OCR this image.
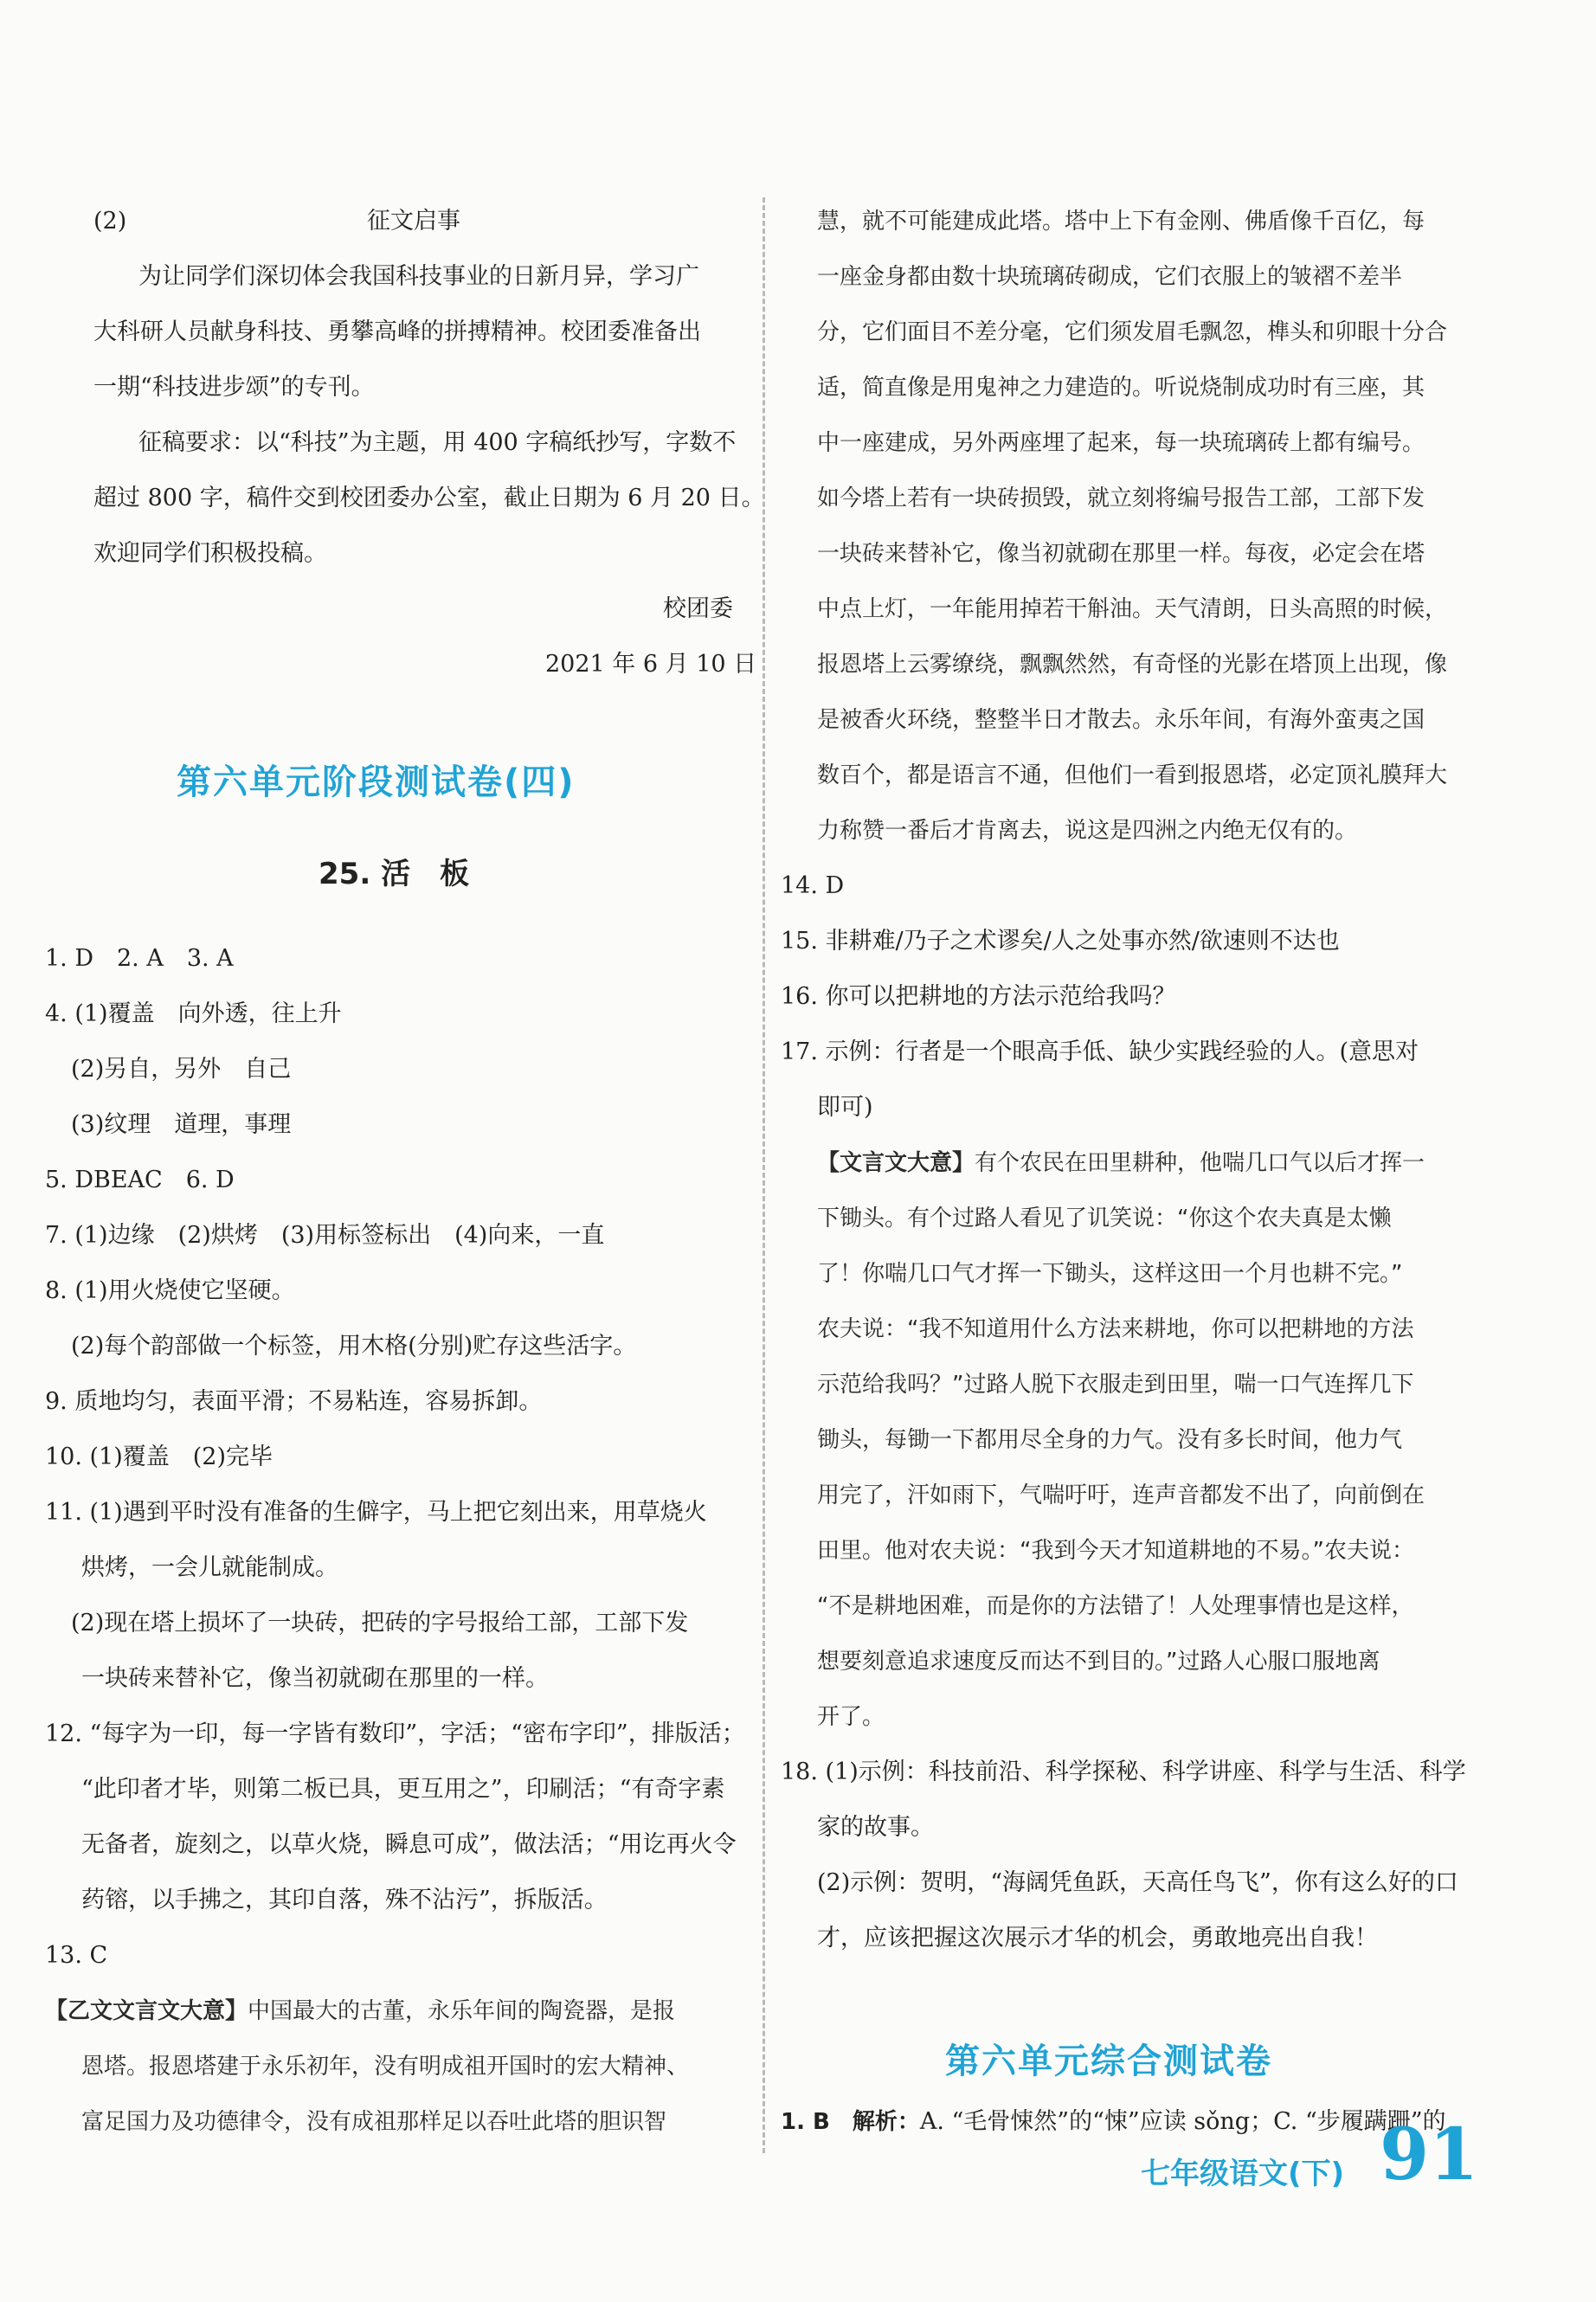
(2)	征文启事
为让同学们深切体会我国科技事业的日新月异，学习广
大科研人员献身科技、勇攀高峰的拼搏精神。校团委准备出
一期“科技进步颂”的专刊。
征稿要求：以“科技”为主题，用 400 字稿纸抄写，字数不
超过 800 字，稿件交到校团委办公室，截止日期为 6 月 20 日。
欢迎同学们积极投稿。
校团委
2021 年 6 月 10 日
1. D　2. A　3. A
4. (1)覆盖　向外透，往上升
(2)另自，另外　自己
(3)纹理　道理，事理
5. DBEAC　6. D
7. (1)边缘　(2)烘烤　(3)用标签标出　(4)向来，一直
8. (1)用火烧使它坚硬。
(2)每个韵部做一个标签，用木格(分别)贮存这些活字。
9. 质地均匀，表面平滑；不易粘连，容易拆卸。
10. (1)覆盖　(2)完毕
11. (1)遇到平时没有准备的生僻字，马上把它刻出来，用草烧火
烘烤，一会儿就能制成。
(2)现在塔上损坏了一块砖，把砖的字号报给工部，工部下发
一块砖来替补它，像当初就砌在那里的一样。
12. “每字为一印，每一字皆有数印”，字活；“密布字印”，排版活；
“此印者才毕，则第二板已具，更互用之”，印刷活；“有奇字素
无备者，旋刻之，以草火烧，瞬息可成”，做法活；“用讫再火令
药镕，以手拂之，其印自落，殊不沾污”，拆版活。
13. C
【乙文文言文大意】中国最大的古董，永乐年间的陶瓷器，是报
恩塔。报恩塔建于永乐初年，没有明成祖开国时的宏大精神、
富足国力及功德律令，没有成祖那样足以吞吐此塔的胆识智
慧，就不可能建成此塔。塔中上下有金刚、佛盾像千百亿，每
一座金身都由数十块琉璃砖砌成，它们衣服上的皱褶不差半
分，它们面目不差分毫，它们须发眉毛飘忽，榫头和卯眼十分合
适，简直像是用鬼神之力建造的。听说烧制成功时有三座，其
中一座建成，另外两座埋了起来，每一块琉璃砖上都有编号。
如今塔上若有一块砖损毁，就立刻将编号报告工部，工部下发
一块砖来替补它，像当初就砌在那里一样。每夜，必定会在塔
中点上灯，一年能用掉若干斛油。天气清朗，日头高照的时候，
报恩塔上云雾缭绕，飘飘然然，有奇怪的光影在塔顶上出现，像
是被香火环绕，整整半日才散去。永乐年间，有海外蛮夷之国
数百个，都是语言不通，但他们一看到报恩塔，必定顶礼膜拜大
力称赞一番后才肯离去，说这是四洲之内绝无仅有的。
14. D
15. 非耕难/乃子之术谬矣/人之处事亦然/欲速则不达也
16. 你可以把耕地的方法示范给我吗？
17. 示例：行者是一个眼高手低、缺少实践经验的人。(意思对
即可)
【文言文大意】有个农民在田里耕种，他喘几口气以后才挥一
下锄头。有个过路人看见了讥笑说：“你这个农夫真是太懒
了！你喘几口气才挥一下锄头，这样这田一个月也耕不完。”
农夫说：“我不知道用什么方法来耕地，你可以把耕地的方法
示范给我吗？”过路人脱下衣服走到田里，喘一口气连挥几下
锄头，每锄一下都用尽全身的力气。没有多长时间，他力气
用完了，汗如雨下，气喘吁吁，连声音都发不出了，向前倒在
田里。他对农夫说：“我到今天才知道耕地的不易。”农夫说：
“不是耕地困难，而是你的方法错了！人处理事情也是这样，
想要刻意追求速度反而达不到目的。”过路人心服口服地离
开了。
18. (1)示例：科技前沿、科学探秘、科学讲座、科学与生活、科学
家的故事。
(2)示例：贺明，“海阔凭鱼跃，天高任鸟飞”，你有这么好的口
才，应该把握这次展示才华的机会，勇敢地亮出自我！
1. B　解析：A. “毛骨悚然”的“悚”应读 sǒng；C. “步履蹒跚”的
第六单元阶段测试卷(四)
25. 活　板
第六单元综合测试卷
七年级语文(下) 91
